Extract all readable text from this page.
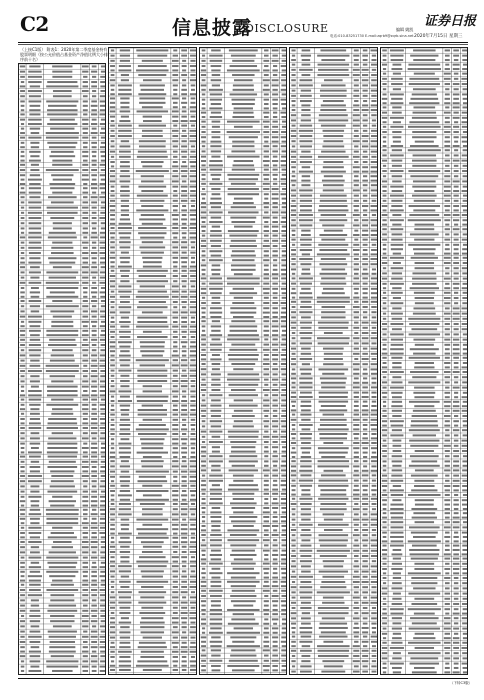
C2	信息披露
DISCLOSURE
电话:010-83251730 E-mail:zqrb9@zqrb.sina.net
证券日报
编辑 姚凯
2020年7月15日 星期三
（上接C1版） 附表1：2020年第二季度基金持有股票明细（按公允价值占基金资产净值比例大小排序前十名）
（下转C3版）
